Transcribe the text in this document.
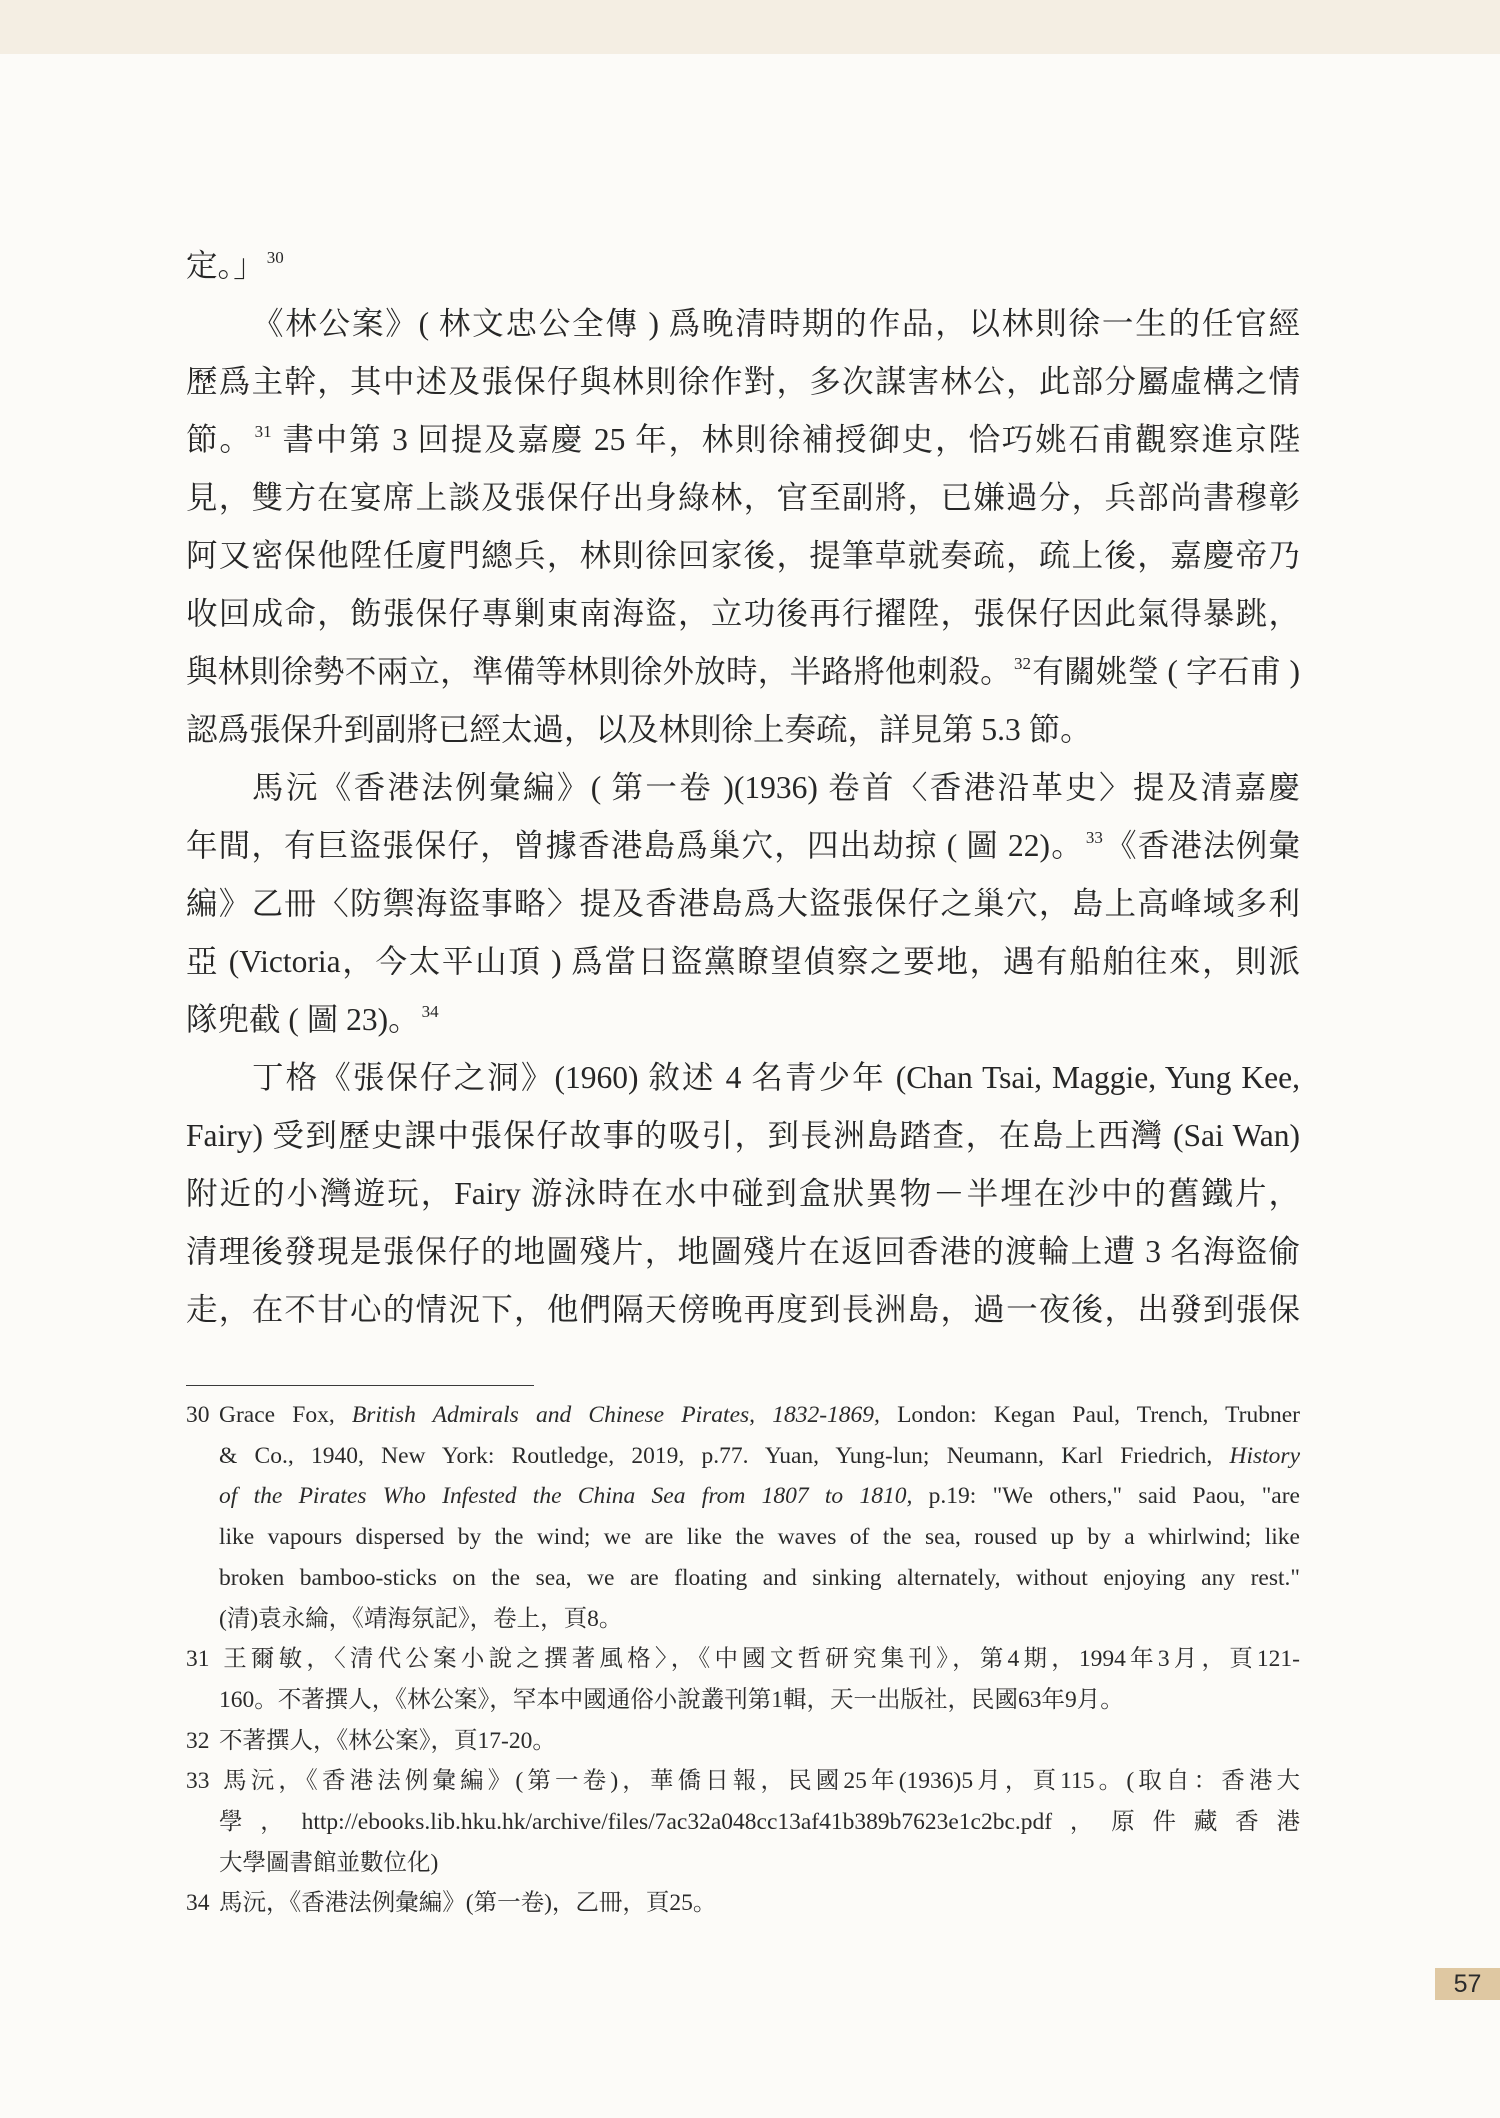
定。」 $^{30}$
《林公案》( 林文忠公全傳 ) 爲晚清時期的作品，以林則徐一生的任官經
歷爲主幹，其中述及張保仔與林則徐作對，多次謀害林公，此部分屬虛構之情
節。 $^{31}$ 書中第 3 回提及嘉慶 25 年，林則徐補授御史，恰巧姚石甫觀察進京陛
見，雙方在宴席上談及張保仔出身綠林，官至副將，已嫌過分，兵部尚書穆彰
阿又密保他陞任廈門總兵，林則徐回家後，提筆草就奏疏，疏上後，嘉慶帝乃
收回成命，飭張保仔專剿東南海盜，立功後再行擢陞，張保仔因此氣得暴跳，
與林則徐勢不兩立，準備等林則徐外放時，半路將他刺殺。 $^{32}$有關姚瑩 ( 字石甫 )
認爲張保升到副將已經太過，以及林則徐上奏疏，詳見第 5.3 節。
馬沅《香港法例彙編》( 第一卷 )(1936) 卷首〈香港沿革史〉提及清嘉慶
年間，有巨盜張保仔，曾據香港島爲巢穴，四出劫掠 ( 圖 22)。 $^{33}$《香港法例彙
編》乙冊〈防禦海盜事略〉提及香港島爲大盜張保仔之巢穴，島上高峰域多利
亞 (Victoria，今太平山頂 ) 爲當日盜黨瞭望偵察之要地，遇有船舶往來，則派
隊兜截 ( 圖 23)。 $^{34}$
丁格《張保仔之洞》(1960) 敘述 4 名青少年 (Chan Tsai, Maggie, Yung Kee,
Fairy) 受到歷史課中張保仔故事的吸引，到長洲島踏查，在島上西灣 (Sai Wan)
附近的小灣遊玩，Fairy 游泳時在水中碰到盒狀異物－半埋在沙中的舊鐵片，
清理後發現是張保仔的地圖殘片，地圖殘片在返回香港的渡輪上遭 3 名海盜偷
走，在不甘心的情況下，他們隔天傍晚再度到長洲島，過一夜後，出發到張保
30 Grace Fox, British Admirals and Chinese Pirates, 1832-1869, London: Kegan Paul, Trench, Trubner
& Co., 1940, New York: Routledge, 2019, p.77. Yuan, Yung-lun; Neumann, Karl Friedrich, History
of the Pirates Who Infested the China Sea from 1807 to 1810, p.19: "We others," said Paou, "are
like vapours dispersed by the wind; we are like the waves of the sea, roused up by a whirlwind; like
broken bamboo-sticks on the sea, we are floating and sinking alternately, without enjoying any rest."
(清)袁永綸，《靖海氛記》，卷上，頁8。
31 王爾敏，〈清代公案小說之撰著風格〉，《中國文哲研究集刊》，第4期，1994年3月，頁121-
160。不著撰人，《林公案》，罕本中國通俗小說叢刊第1輯，天一出版社，民國63年9月。
32 不著撰人，《林公案》，頁17-20。
33 馬沅，《香港法例彙編》(第一卷)，華僑日報，民國25年(1936)5月，頁115。(取自：香港大
學，http://ebooks.lib.hku.hk/archive/files/7ac32a048cc13af41b389b7623e1c2bc.pdf，原件藏香港
大學圖書館並數位化)
34 馬沅，《香港法例彙編》(第一卷)，乙冊，頁25。
57
